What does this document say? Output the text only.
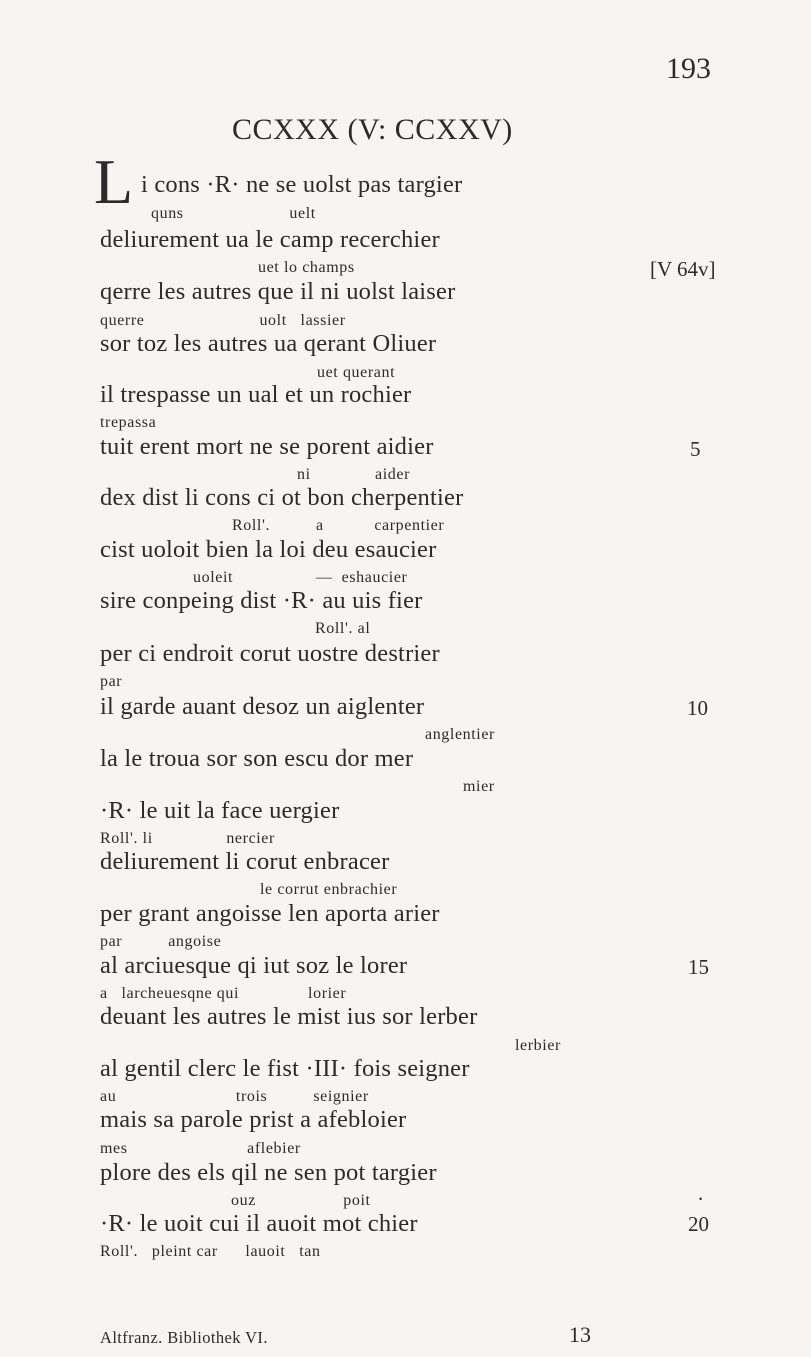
193
CCXXX (V: CCXXV)
L i cons ·R· ne se uolst pas targier
quns                       uelt
deliurement ua le camp recerchier
uet lo champs
qerre les autres que il ni uolst laiser
querre                         uolt   lassier
sor toz les autres ua qerant Oliuer
uet querant
il trespasse un ual et un rochier
trepassa
tuit erent mort ne se porent aidier
ni              aider
dex dist li cons ci ot bon cherpentier
Roll'.          a           carpentier
cist uoloit bien la loi deu esaucier
uoleit                  —  eshaucier
sire conpeing dist ·R· au uis fier
Roll'. al
per ci endroit corut uostre destrier
par
il garde auant desoz un aiglenter
anglentier
la le troua sor son escu dor mer
mier
·R· le uit la face uergier
Roll'. li                nercier
deliurement li corut enbracer
le corrut enbrachier
per grant angoisse len aporta arier
par          angoise
al arciuesque qi iut soz le lorer
a   larcheuesqne qui               lorier
deuant les autres le mist ius sor lerber
lerbier
al gentil clerc le fist ·III· fois seigner
au                          trois          seignier
mais sa parole prist a afebloier
mes                          aflebier
plore des els qil ne sen pot targier
ouz                   poit
·R· le uoit cui il auoit mot chier
Roll'.   pleint car      lauoit   tan
[V 64v]
5
10
15
.
20
Altfranz. Bibliothek VI.	13
